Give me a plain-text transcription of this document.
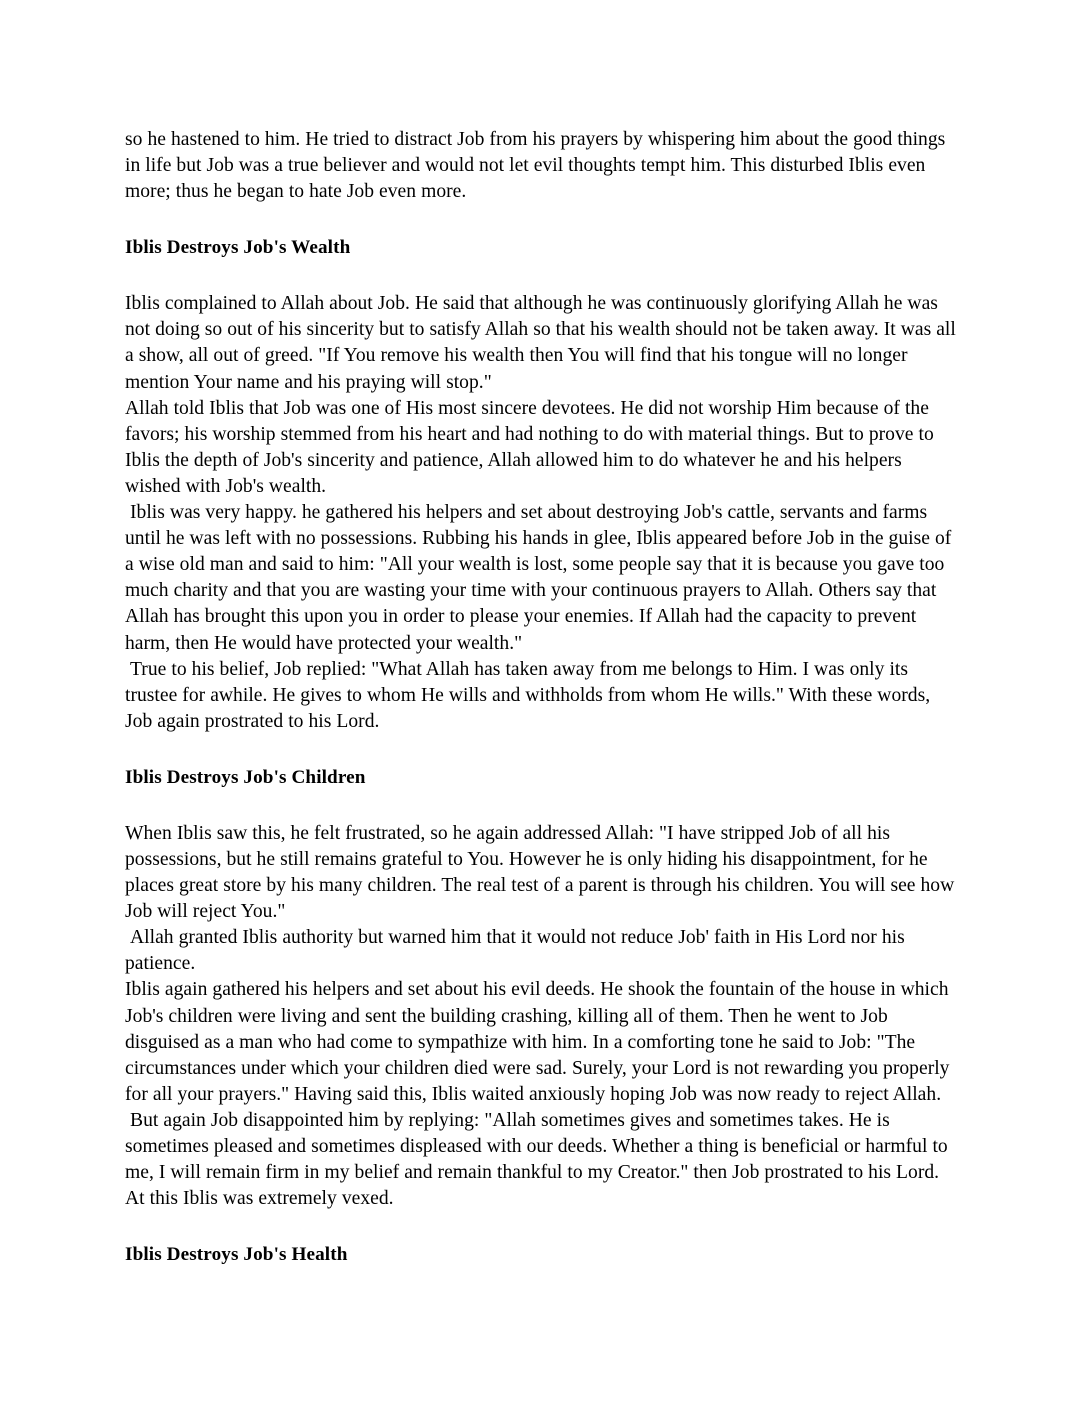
so he hastened to him. He tried to distract Job from his prayers by whispering him about the good things in life but Job was a true believer and would not let evil thoughts tempt him. This disturbed Iblis even more; thus he began to hate Job even more.

Iblis Destroys Job's Wealth

Iblis complained to Allah about Job. He said that although he was continuously glorifying Allah he was not doing so out of his sincerity but to satisfy Allah so that his wealth should not be taken away. It was all a show, all out of greed. "If You remove his wealth then You will find that his tongue will no longer mention Your name and his praying will stop."

Allah told Iblis that Job was one of His most sincere devotees. He did not worship Him because of the favors; his worship stemmed from his heart and had nothing to do with material things. But to prove to Iblis the depth of Job's sincerity and patience, Allah allowed him to do whatever he and his helpers wished with Job's wealth.

Iblis was very happy. he gathered his helpers and set about destroying Job's cattle, servants and farms until he was left with no possessions. Rubbing his hands in glee, Iblis appeared before Job in the guise of a wise old man and said to him: "All your wealth is lost, some people say that it is because you gave too much charity and that you are wasting your time with your continuous prayers to Allah. Others say that Allah has brought this upon you in order to please your enemies. If Allah had the capacity to prevent harm, then He would have protected your wealth."

True to his belief, Job replied: "What Allah has taken away from me belongs to Him. I was only its trustee for awhile. He gives to whom He wills and withholds from whom He wills." With these words, Job again prostrated to his Lord.

Iblis Destroys Job's Children

When Iblis saw this, he felt frustrated, so he again addressed Allah: "I have stripped Job of all his possessions, but he still remains grateful to You. However he is only hiding his disappointment, for he places great store by his many children. The real test of a parent is through his children. You will see how Job will reject You."

Allah granted Iblis authority but warned him that it would not reduce Job' faith in His Lord nor his patience.

Iblis again gathered his helpers and set about his evil deeds. He shook the fountain of the house in which Job's children were living and sent the building crashing, killing all of them. Then he went to Job disguised as a man who had come to sympathize with him. In a comforting tone he said to Job: "The circumstances under which your children died were sad. Surely, your Lord is not rewarding you properly for all your prayers." Having said this, Iblis waited anxiously hoping Job was now ready to reject Allah.

But again Job disappointed him by replying: "Allah sometimes gives and sometimes takes. He is sometimes pleased and sometimes displeased with our deeds. Whether a thing is beneficial or harmful to me, I will remain firm in my belief and remain thankful to my Creator." then Job prostrated to his Lord. At this Iblis was extremely vexed.

Iblis Destroys Job's Health
